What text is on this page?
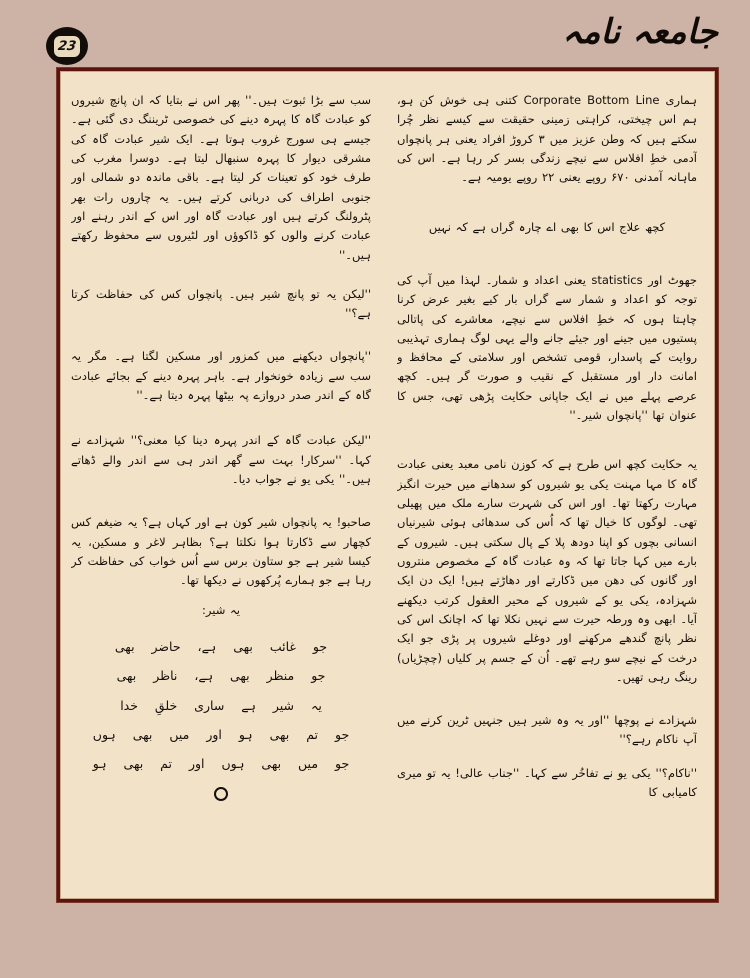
جامعہ نامہ
23

ہماری Corporate Bottom Line کتنی ہی خوش کن ہو، ہم اس چیختی، کراہتی زمینی حقیقت سے کیسے نظر چُرا سکتے ہیں کہ وطن عزیز میں ۳ کروڑ افراد یعنی ہر پانچواں آدمی خطِ افلاس سے نیچے زندگی بسر کر رہا ہے۔ اس کی ماہانہ آمدنی ۶۷۰ روپے یعنی ۲۲ روپے یومیہ ہے۔

کچھ علاج اس کا بھی اے چارہ گراں ہے کہ نہیں

جھوٹ اور statistics یعنی اعداد و شمار۔ لہذا میں آپ کی توجہ کو اعداد و شمار سے گراں بار کیے بغیر عرض کرنا چاہتا ہوں کہ خطِ افلاس سے نیچے، معاشرے کی پاتالی پستیوں میں جینے اور جیئے جانے والے یہی لوگ ہماری تہذیبی روایت کے پاسدار، قومی تشخص اور سلامتی کے محافظ و امانت دار اور مستقبل کے نقیب و صورت گر ہیں۔ کچھ عرصے پہلے میں نے ایک جاپانی حکایت پڑھی تھی، جس کا عنوان تھا ''پانچواں شیر۔''

یہ حکایت کچھ اس طرح ہے کہ کوزن نامی معبد یعنی عبادت گاہ کا مہا مہنت یکی یو شیروں کو سدھانے میں حیرت انگیز مہارت رکھتا تھا۔ اور اس کی شہرت سارے ملک میں پھیلی تھی۔ لوگوں کا خیال تھا کہ اُس کی سدھائی ہوئی شیرنیاں انسانی بچوں کو اپنا دودھ پلا کے پال سکتی ہیں۔ شیروں کے بارے میں کہا جاتا تھا کہ وہ عبادت گاہ کے مخصوص منتروں اور گانوں کی دھن میں ڈکارتے اور دھاڑتے ہیں! ایک دن ایک شہزادہ، یکی یو کے شیروں کے محیر العقول کرتب دیکھنے آیا۔ ابھی وہ ورطہ حیرت سے نہیں نکلا تھا کہ اچانک اس کی نظر پانچ گندھے مرکھنے اور دوغلے شیروں پر پڑی جو ایک درخت کے نیچے سو رہے تھے۔ اُن کے جسم پر کلیاں (چچڑیاں) رینگ رہی تھیں۔

شہزادے نے پوچھا ''اور یہ وہ شیر ہیں جنہیں ٹرین کرنے میں آپ ناکام رہے؟''

''ناکام؟'' یکی یو نے تفاخُر سے کہا۔ ''جناب عالی! یہ تو میری کامیابی کا

سب سے بڑا ثبوت ہیں۔'' پھر اس نے بتایا کہ ان پانچ شیروں کو عبادت گاہ کا پہرہ دینے کی خصوصی ٹریننگ دی گئی ہے۔ جیسے ہی سورج غروب ہوتا ہے۔ ایک شیر عبادت گاہ کی مشرقی دیوار کا پہرہ سنبھال لیتا ہے۔ دوسرا مغرب کی طرف خود کو تعینات کر لیتا ہے۔ باقی ماندہ دو شمالی اور جنوبی اطراف کی دربانی کرتے ہیں۔ یہ چاروں رات بھر پٹرولنگ کرتے ہیں اور عبادت گاہ اور اس کے اندر رہنے اور عبادت کرنے والوں کو ڈاکوؤں اور لٹیروں سے محفوظ رکھتے ہیں۔''

''لیکن یہ تو پانچ شیر ہیں۔ پانچواں کس کی حفاظت کرتا ہے؟''

''پانچواں دیکھنے میں کمزور اور مسکین لگتا ہے۔ مگر یہ سب سے زیادہ خونخوار ہے۔ باہر پہرہ دینے کے بجائے عبادت گاہ کے اندر صدر دروازے پہ بیٹھا پہرہ دیتا ہے۔''

''لیکن عبادت گاہ کے اندر پہرہ دینا کیا معنی؟'' شہزادے نے کہا۔ ''سرکار! بہت سے گھر اندر ہی سے اندر والے ڈھاتے ہیں۔'' یکی یو نے جواب دیا۔

صاحبو! یہ پانچواں شیر کون ہے اور کہاں ہے؟ یہ ضیغم کس کچھار سے ڈکارتا ہوا نکلتا ہے؟ بظاہر لاغر و مسکین، یہ کیسا شیر ہے جو ستاون برس سے اُس خواب کی حفاظت کر رہا ہے جو ہمارے پُرکھوں نے دیکھا تھا۔

یہ شیر:

جو غائب بھی ہے، حاضر بھی

جو منظر بھی ہے، ناظر بھی

یہ شیر ہے ساری خلقِ خدا

جو تم بھی ہو اور میں بھی ہوں

جو میں بھی ہوں اور تم بھی ہو
